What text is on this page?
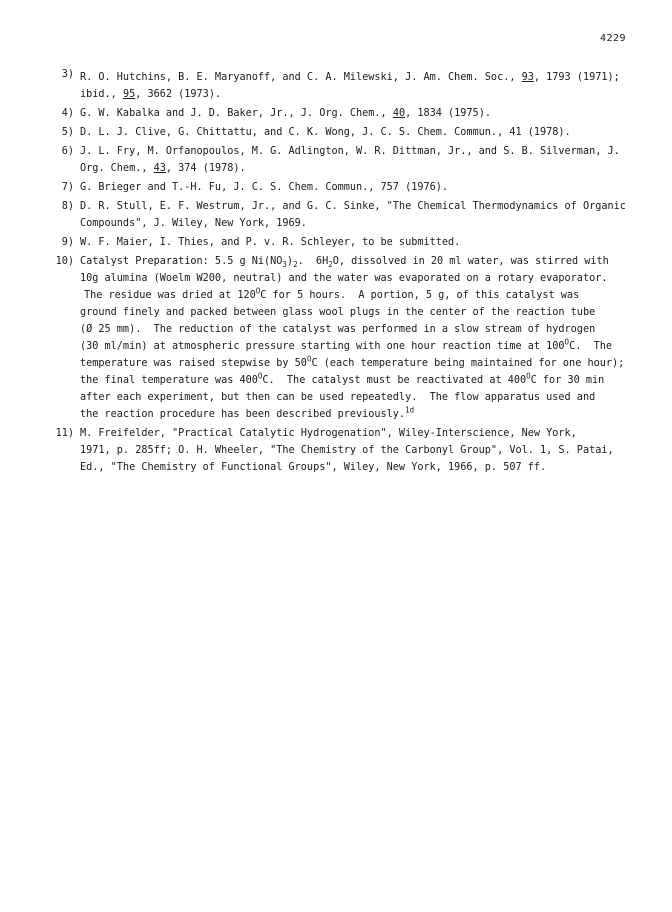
4229
3) R. O. Hutchins, B. E. Maryanoff, and C. A. Milewski, J. Am. Chem. Soc., 93, 1793 (1971);
ibid., 95, 3662 (1973).
4) G. W. Kabalka and J. D. Baker, Jr., J. Org. Chem., 40, 1834 (1975).
5) D. L. J. Clive, G. Chittattu, and C. K. Wong, J. C. S. Chem. Commun., 41 (1978).
6) J. L. Fry, M. Orfanopoulos, M. G. Adlington, W. R. Dittman, Jr., and S. B. Silverman, J.
Org. Chem., 43, 374 (1978).
7) G. Brieger and T.-H. Fu, J. C. S. Chem. Commun., 757 (1976).
8) D. R. Stull, E. F. Westrum, Jr., and G. C. Sinke, "The Chemical Thermodynamics of Organic
Compounds", J. Wiley, New York, 1969.
9) W. F. Maier, I. Thies, and P. v. R. Schleyer, to be submitted.
10) Catalyst Preparation: 5.5 g $Ni(NO_3)_2$.  $6H_2O$, dissolved in 20 ml water, was stirred with
10g alumina (Woelm W200, neutral) and the water was evaporated on a rotary evaporator.
The residue was dried at $120^OC$ for 5 hours.  A portion, 5 g, of this catalyst was
ground finely and packed between glass wool plugs in the center of the reaction tube
(Ø 25 mm).  The reduction of the catalyst was performed in a slow stream of hydrogen
(30 ml/min) at atmospheric pressure starting with one hour reaction time at $100^OC$.  The
temperature was raised stepwise by $50^OC$ (each temperature being maintained for one hour);
the final temperature was $400^OC$.  The catalyst must be reactivated at $400^OC$ for 30 min
after each experiment, but then can be used repeatedly.  The flow apparatus used and
the reaction procedure has been described previously.$^{1d}$
11) M. Freifelder, "Practical Catalytic Hydrogenation", Wiley-Interscience, New York,
1971, p. 285ff; O. H. Wheeler, "The Chemistry of the Carbonyl Group", Vol. 1, S. Patai,
Ed., "The Chemistry of Functional Groups", Wiley, New York, 1966, p. 507 ff.
